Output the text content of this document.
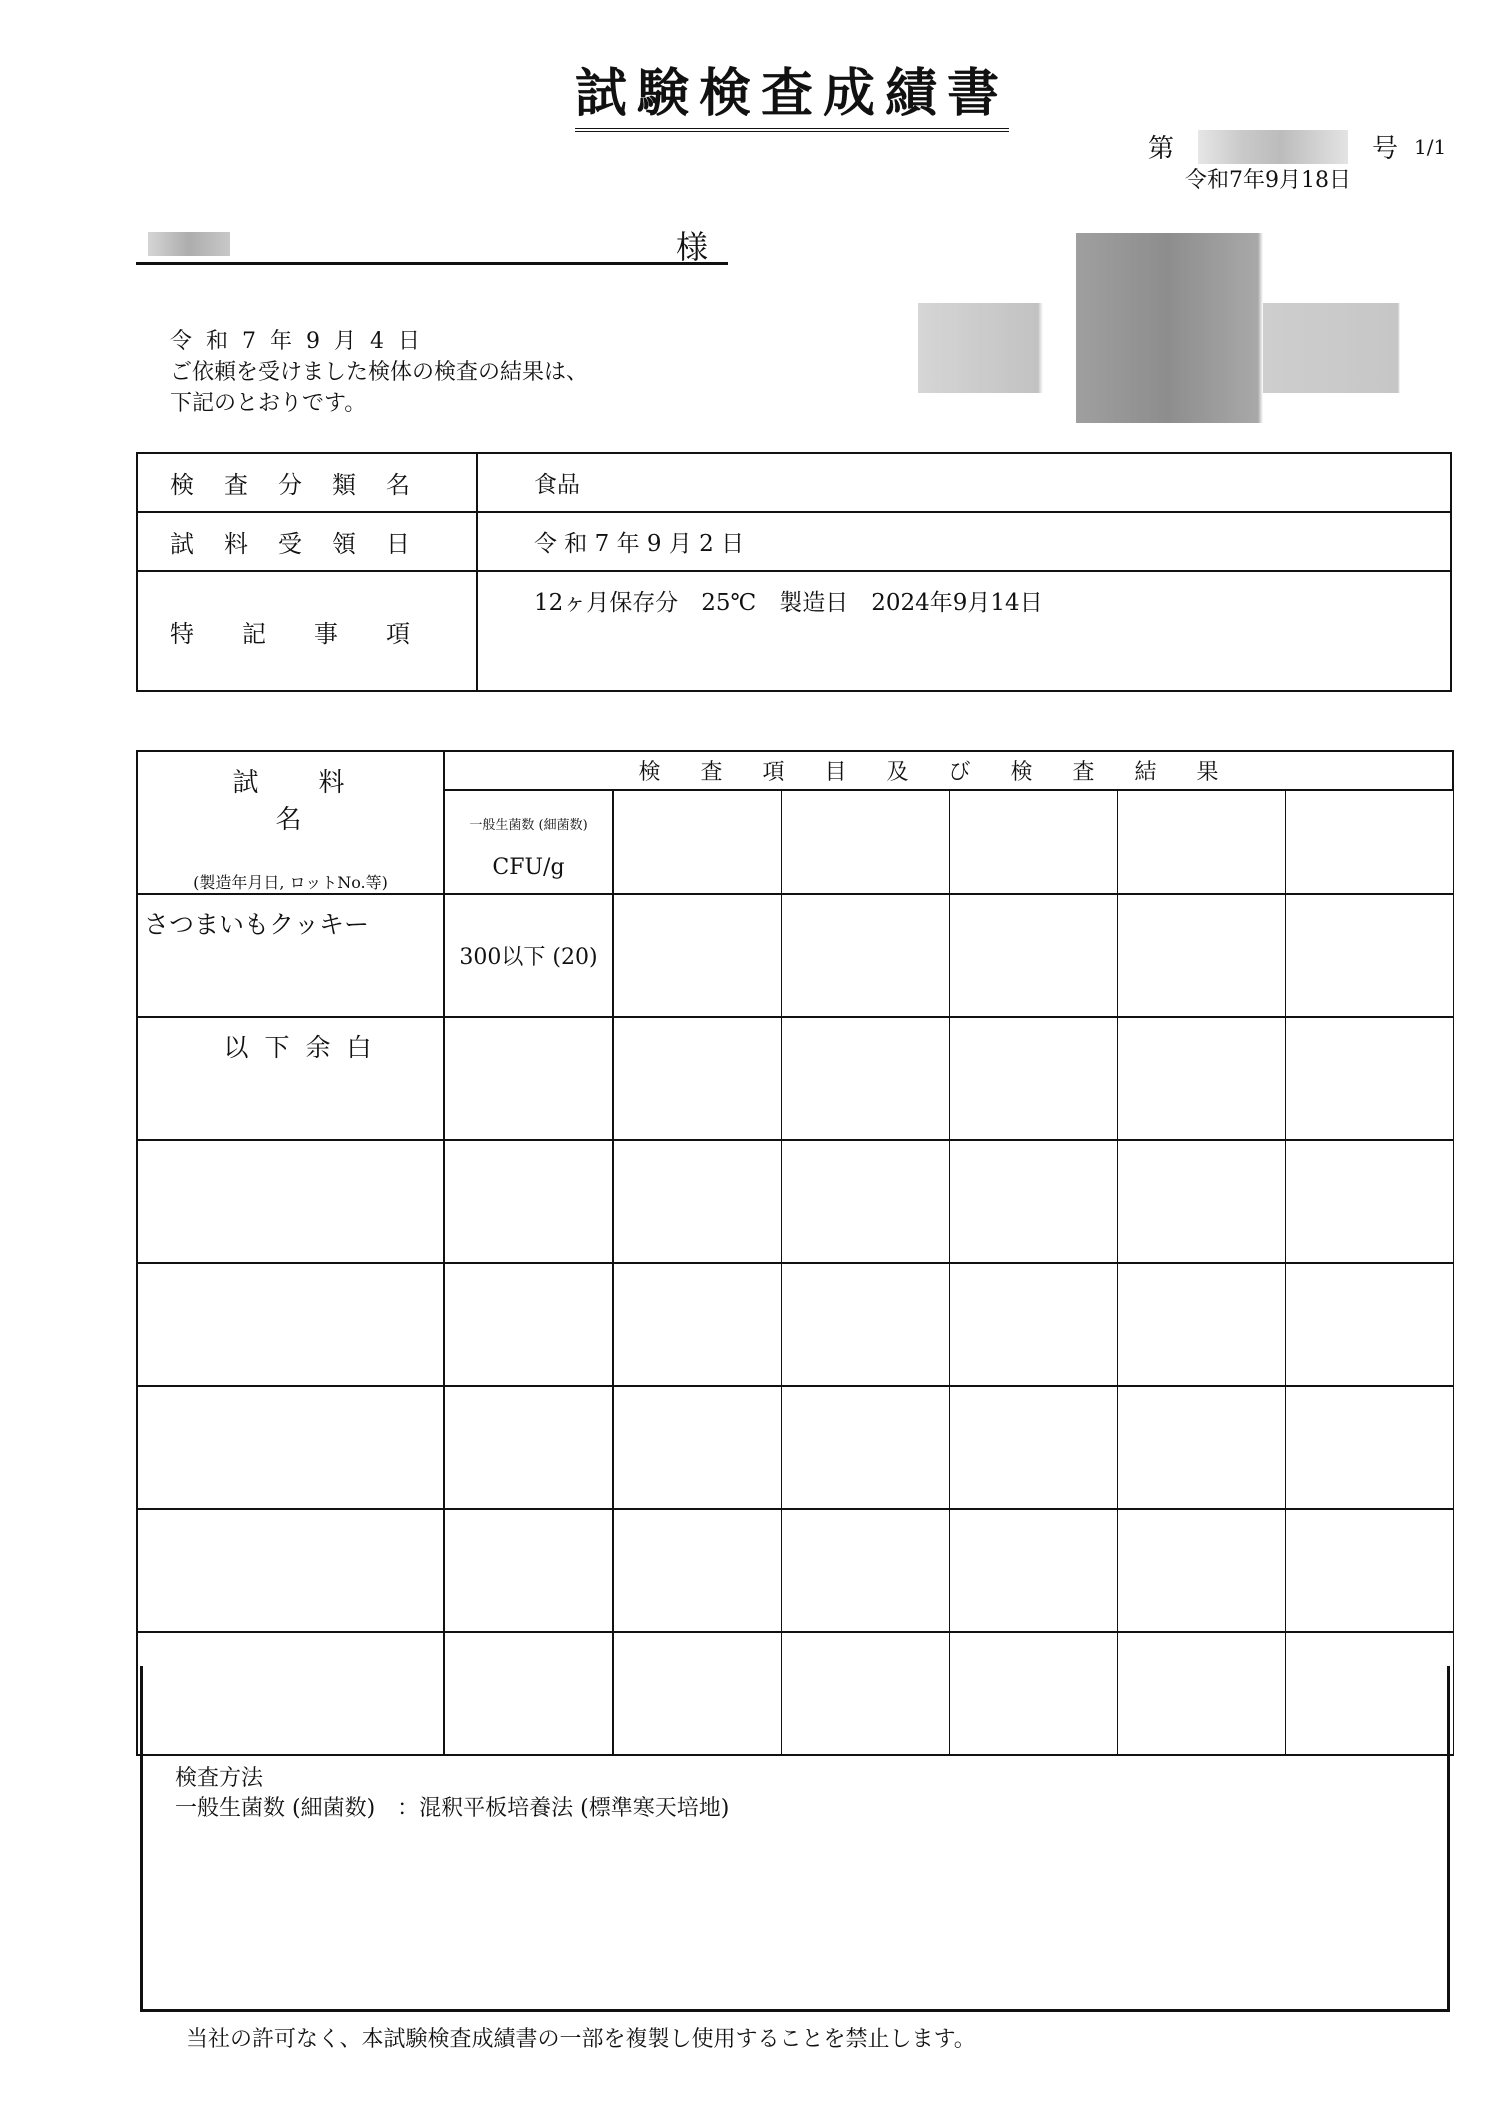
試験検査成績書
第	号 1/1
令和7年9月18日
様
令和7年9月4日
ご依頼を受けました検体の検査の結果は、
下記のとおりです。
検 査 分 類 名	食品

試 料 受 領 日	令 和 7 年 9 月 2 日

特 記 事 項	12ヶ月保存分　25℃　製造日　2024年9月14日
試料名
(製造年月日, ロットNo.等)	検査項目及び検査結果					

	一般生菌数 (細菌数)
CFU/g					

さつまいもクッキー	300以下 (20)					
以下余白						

検査方法
一般生菌数 (細菌数)　：混釈平板培養法 (標準寒天培地)
当社の許可なく、本試験検査成績書の一部を複製し使用することを禁止します。
